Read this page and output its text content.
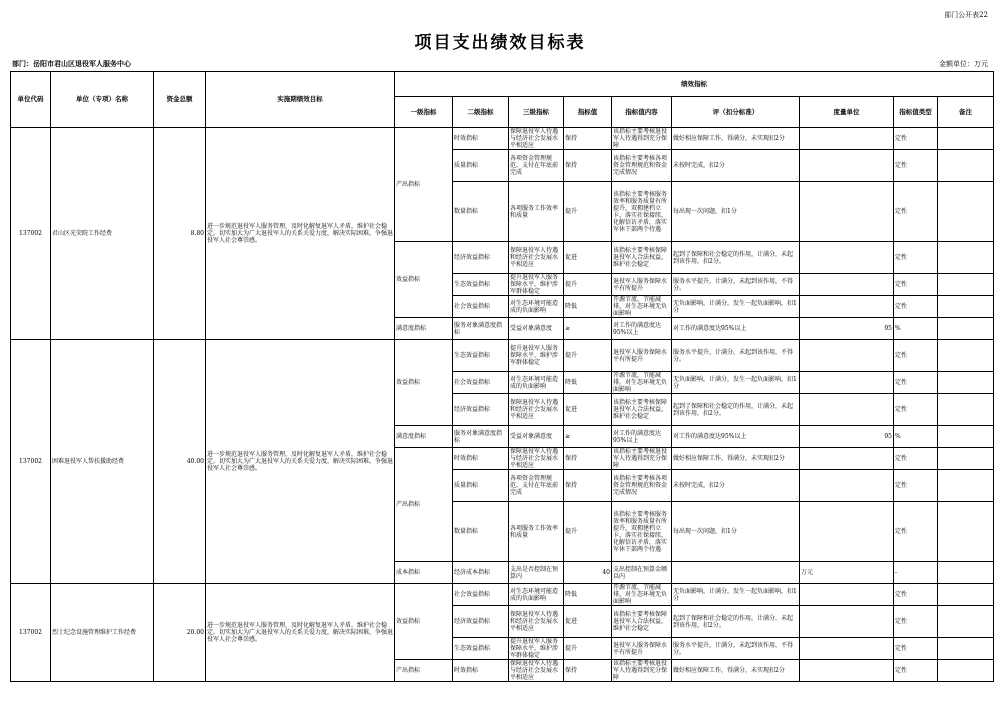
部门公开表22
项目支出绩效目标表
部门：岳阳市君山区退役军人服务中心	金额单位：万元
单位代码	单位（专项）名称	资金总额	实施期绩效目标	绩效指标								
				一级指标	二级指标	三级指标	指标值	指标值内容	评（扣分标准）	度量单位	指标值类型	备注
137002	君山区光荣院工作经费	8.80	进一步规范退役军人服务管理，及时化解复退军人矛盾，维护社会稳定。切实加大为广大退役军人的关系关爱力度，解决实际困难，争强退役军人社会尊崇感。	产出指标	时效指标	保障退役军人待遇与经济社会发展水平相适应	保持	该指标主要考核退役军人待遇得到充分保障	做好相应保障工作，得满分，未实现扣2分		定性	
					质量指标	各项资金管理规范，支付在年底前完成	保持	该指标主要考核各项资金管理规范和资金完成情况	未按时完成，扣2分		定性	
					数量指标	各项服务工作效率和质量	提升	该指标主要考核服务效率和服务质量有所提升，双拥建档立卡，落实社保接续，化解信访矛盾，落实军休干部两个待遇	每出现一次问题，扣1分		定性	
				效益指标	经济效益指标	保障退役军人待遇和经济社会发展水平相适应	促进	该指标主要考核保障退役军人合法权益，维护社会稳定	起到了保障和社会稳定的作用，计满分，未起到该作用，扣2分。		定性	
					生态效益指标	提升退役军人服务保障水平，维护涉军群体稳定	提升	退役军人服务保障水平有所提升	服务水平提升，计满分，未起到该作用，不得分。		定性	
					社会效益指标	对生态环境可能造成的负面影响	降低	开源节流，节能减排，对生态环境无负面影响	无负面影响，计满分，发生一起负面影响，扣1分		定性	
				满意度指标	服务对象满意度指标	受益对象满意度	≥	对工作的满意度达95%以上	对工作的满意度达95%以上	95	%	
137002	困难退役军人帮扶援助经费	40.00	进一步规范退役军人服务管理，及时化解复退军人矛盾，维护社会稳定。切实加大为广大退役军人的关系关爱力度，解决实际困难，争强退役军人社会尊崇感。	效益指标	生态效益指标	提升退役军人服务保障水平，维护涉军群体稳定	提升	退役军人服务保障水平有所提升	服务水平提升，计满分，未起到该作用，不得分。		定性	
					社会效益指标	对生态环境可能造成的负面影响	降低	开源节流，节能减排，对生态环境无负面影响	无负面影响，计满分，发生一起负面影响，扣1分		定性	
					经济效益指标	保障退役军人待遇和经济社会发展水平相适应	促进	该指标主要考核保障退役军人合法权益，维护社会稳定	起到了保障和社会稳定的作用，计满分，未起到该作用，扣2分。		定性	
				满意度指标	服务对象满意度指标	受益对象满意度	≥	对工作的满意度达95%以上	对工作的满意度达95%以上	95	%	
				产出指标	时效指标	保障退役军人待遇与经济社会发展水平相适应	保持	该指标主要考核退役军人待遇得到充分保障	做好相应保障工作，得满分，未实现扣2分		定性	
					质量指标	各项资金管理规范，支付在年底前完成	保持	该指标主要考核各项资金管理规范和资金完成情况	未按时完成，扣2分		定性	
					数量指标	各项服务工作效率和质量	提升	该指标主要考核服务效率和服务质量有所提升，双拥建档立卡，落实社保接续，化解信访矛盾，落实军休干部两个待遇	每出现一次问题，扣1分		定性	
				成本指标	经济成本指标	支出是否控制在预算内	40	支出控制在预算金额以内		万元	-	
137002	烈士纪念设施管理维护工作经费	20.00	进一步规范退役军人服务管理，及时化解复退军人矛盾，维护社会稳定。切实加大为广大退役军人的关系关爱力度，解决实际困难，争强退役军人社会尊崇感。	效益指标	社会效益指标	对生态环境可能造成的负面影响	降低	开源节流，节能减排，对生态环境无负面影响	无负面影响，计满分，发生一起负面影响，扣1分		定性	
					经济效益指标	保障退役军人待遇和经济社会发展水平相适应	促进	该指标主要考核保障退役军人合法权益，维护社会稳定	起到了保障和社会稳定的作用，计满分，未起到该作用，扣2分。		定性	
					生态效益指标	提升退役军人服务保障水平，维护涉军群体稳定	提升	退役军人服务保障水平有所提升	服务水平提升，计满分，未起到该作用，不得分。		定性	
				产出指标	时效指标	保障退役军人待遇与经济社会发展水平相适应	保持	该指标主要考核退役军人待遇得到充分保障	做好相应保障工作，得满分，未实现扣2分		定性	
